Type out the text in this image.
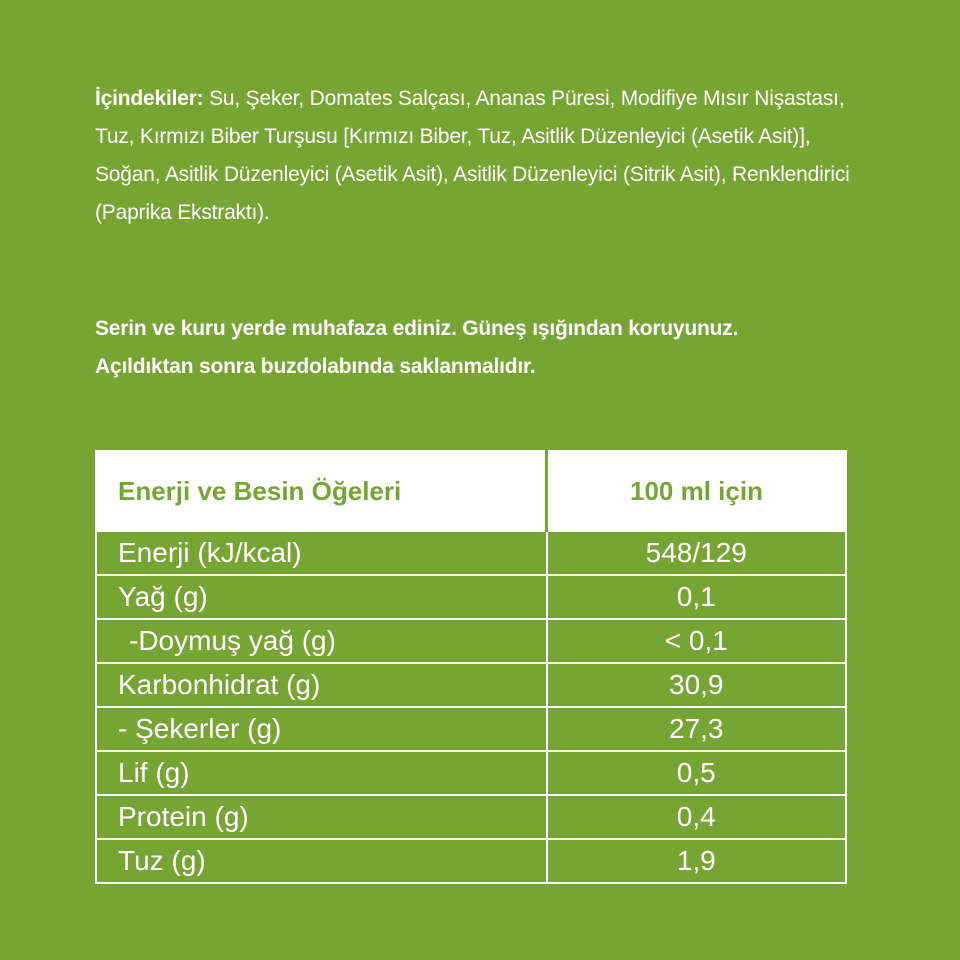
İçindekiler: Su, Şeker, Domates Salçası, Ananas Püresi, Modifiye Mısır Nişastası, Tuz, Kırmızı Biber Turşusu [Kırmızı Biber, Tuz, Asitlik Düzenleyici (Asetik Asit)], Soğan, Asitlik Düzenleyici (Asetik Asit), Asitlik Düzenleyici (Sitrik Asit), Renklendirici (Paprika Ekstraktı).
Serin ve kuru yerde muhafaza ediniz. Güneş ışığından koruyunuz.
Açıldıktan sonra buzdolabında saklanmalıdır.
Enerji ve Besin Öğeleri	100 ml için
Enerji (kJ/kcal)	548/129
Yağ (g)	0,1
-Doymuş yağ (g)	< 0,1
Karbonhidrat (g)	30,9
- Şekerler (g)	27,3
Lif (g)	0,5
Protein (g)	0,4
Tuz (g)	1,9
